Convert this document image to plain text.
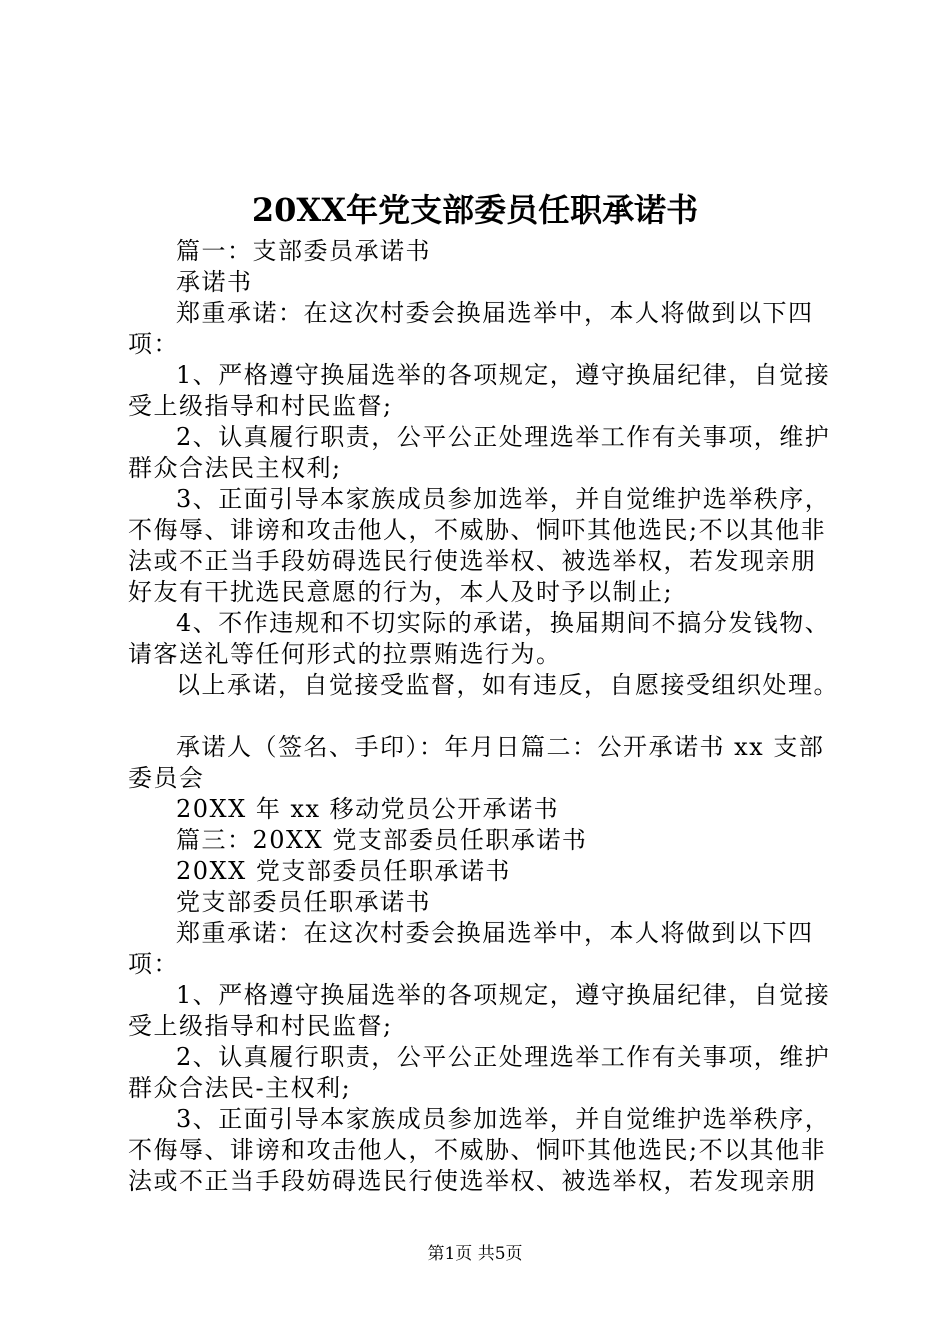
20XX年党支部委员任职承诺书

篇一：支部委员承诺书

承诺书

郑重承诺：在这次村委会换届选举中，本人将做到以下四

项：

1、严格遵守换届选举的各项规定，遵守换届纪律，自觉接

受上级指导和村民监督;

2、认真履行职责，公平公正处理选举工作有关事项，维护

群众合法民主权利;

3、正面引导本家族成员参加选举，并自觉维护选举秩序，

不侮辱、诽谤和攻击他人，不威胁、恫吓其他选民;不以其他非

法或不正当手段妨碍选民行使选举权、被选举权，若发现亲朋

好友有干扰选民意愿的行为，本人及时予以制止;

4、不作违规和不切实际的承诺，换届期间不搞分发钱物、

请客送礼等任何形式的拉票贿选行为。

以上承诺，自觉接受监督，如有违反，自愿接受组织处理。

承诺人（签名、手印）：年月日篇二：公开承诺书 xx 支部

委员会

20XX 年 xx 移动党员公开承诺书

篇三：20XX 党支部委员任职承诺书

20XX 党支部委员任职承诺书

党支部委员任职承诺书

郑重承诺：在这次村委会换届选举中，本人将做到以下四

项：

1、严格遵守换届选举的各项规定，遵守换届纪律，自觉接

受上级指导和村民监督;

2、认真履行职责，公平公正处理选举工作有关事项，维护

群众合法民-主权利;

3、正面引导本家族成员参加选举，并自觉维护选举秩序，

不侮辱、诽谤和攻击他人，不威胁、恫吓其他选民;不以其他非

法或不正当手段妨碍选民行使选举权、被选举权，若发现亲朋

第1页 共5页
